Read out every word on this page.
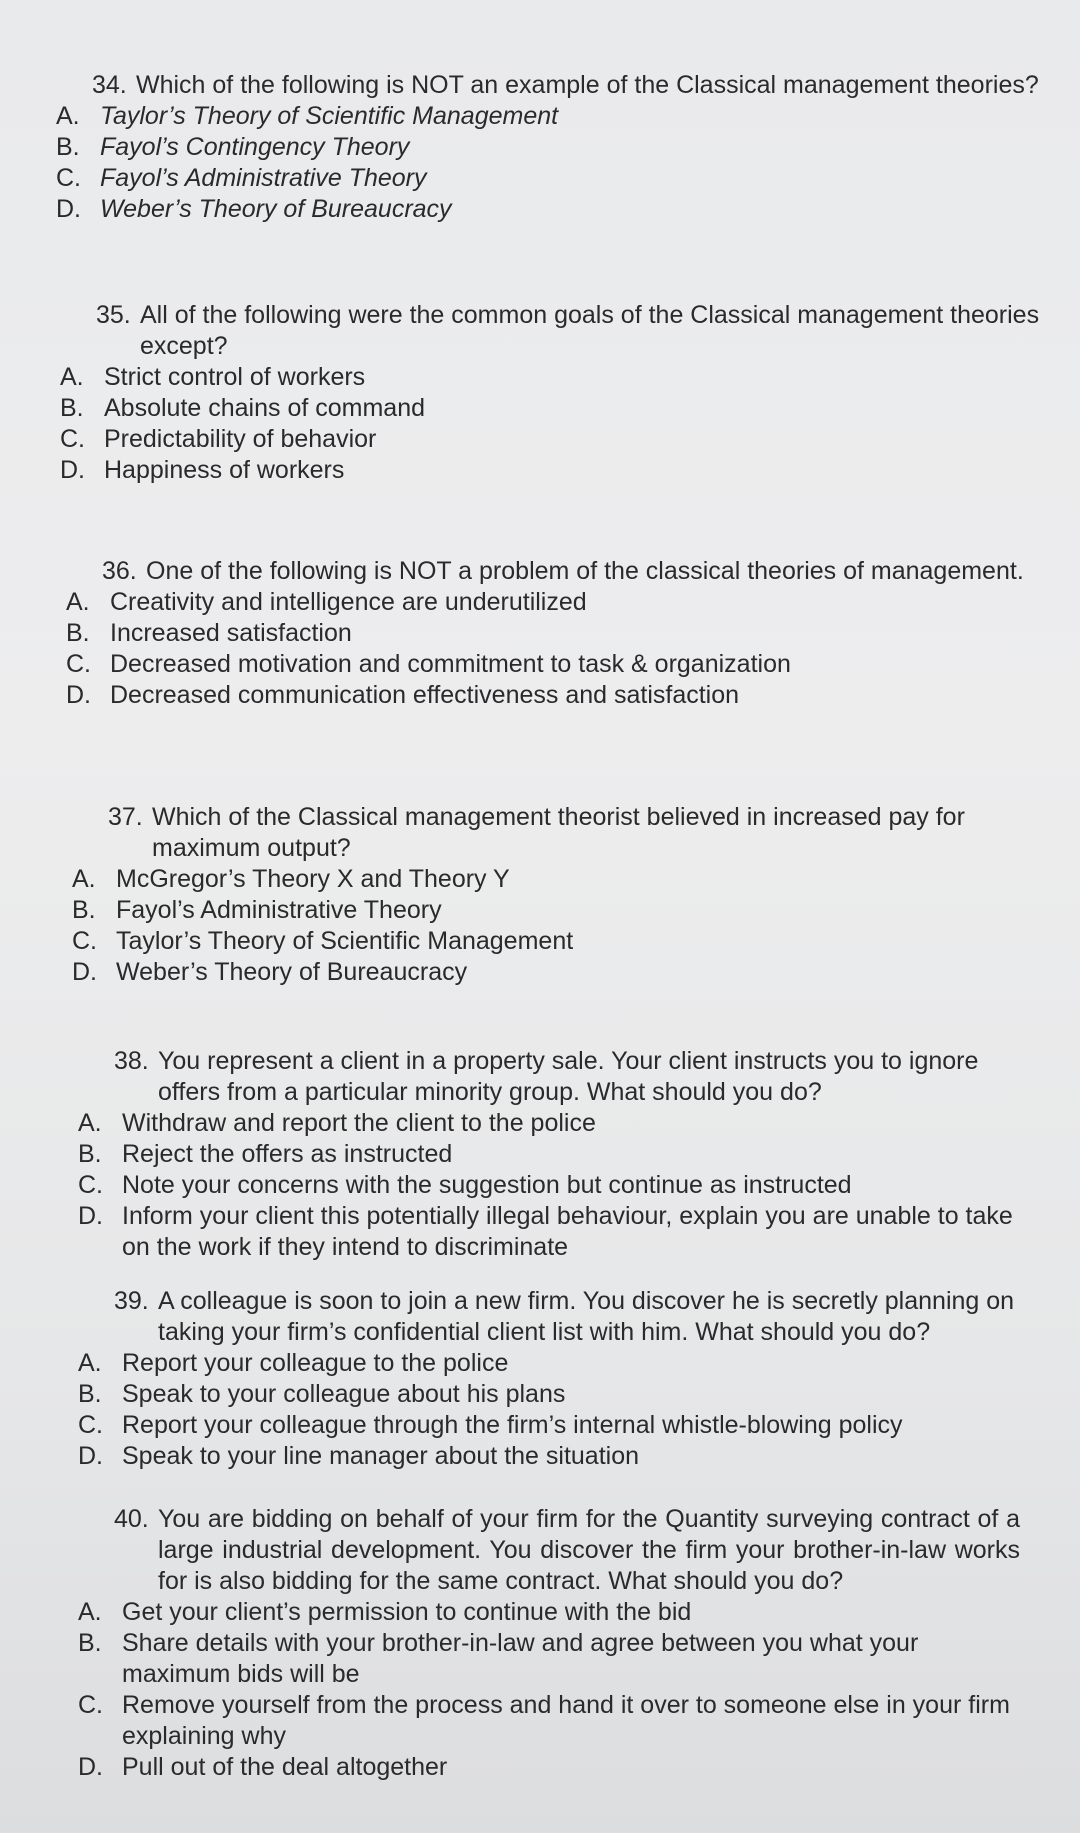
34. Which of the following is NOT an example of the Classical management theories?
A. Taylor’s Theory of Scientific Management
B. Fayol’s Contingency Theory
C. Fayol’s Administrative Theory
D. Weber’s Theory of Bureaucracy
35. All of the following were the common goals of the Classical management theories except?
A. Strict control of workers
B. Absolute chains of command
C. Predictability of behavior
D. Happiness of workers
36. One of the following is NOT a problem of the classical theories of management.
A. Creativity and intelligence are underutilized
B. Increased satisfaction
C. Decreased motivation and commitment to task & organization
D. Decreased communication effectiveness and satisfaction
37. Which of the Classical management theorist believed in increased pay for maximum output?
A. McGregor’s Theory X and Theory Y
B. Fayol’s Administrative Theory
C. Taylor’s Theory of Scientific Management
D. Weber’s Theory of Bureaucracy
38. You represent a client in a property sale. Your client instructs you to ignore offers from a particular minority group. What should you do?
A. Withdraw and report the client to the police
B. Reject the offers as instructed
C. Note your concerns with the suggestion but continue as instructed
D. Inform your client this potentially illegal behaviour, explain you are unable to take on the work if they intend to discriminate
39. A colleague is soon to join a new firm. You discover he is secretly planning on taking your firm’s confidential client list with him. What should you do?
A. Report your colleague to the police
B. Speak to your colleague about his plans
C. Report your colleague through the firm’s internal whistle-blowing policy
D. Speak to your line manager about the situation
40. You are bidding on behalf of your firm for the Quantity surveying contract of a large industrial development. You discover the firm your brother-in-law works for is also bidding for the same contract. What should you do?
A. Get your client’s permission to continue with the bid
B. Share details with your brother-in-law and agree between you what your maximum bids will be
C. Remove yourself from the process and hand it over to someone else in your firm explaining why
D. Pull out of the deal altogether
